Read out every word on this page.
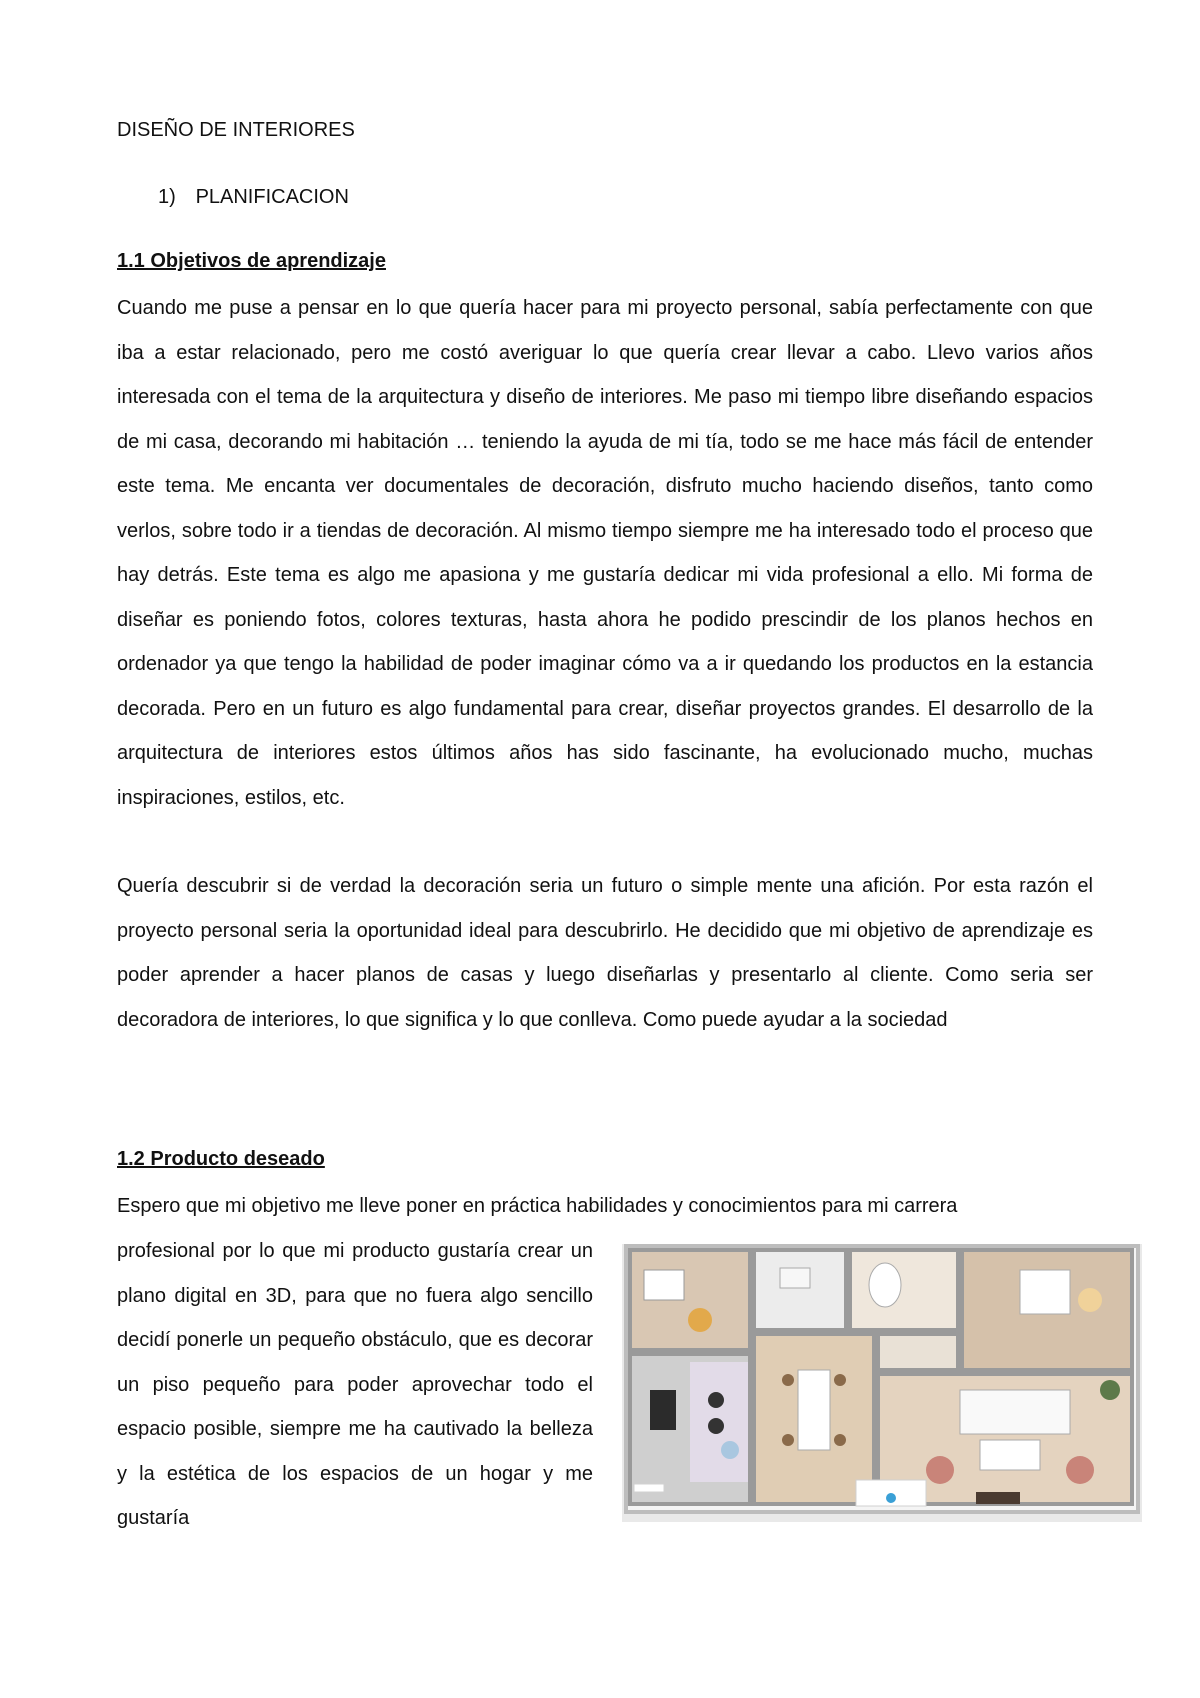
DISEÑO DE INTERIORES
1) PLANIFICACION
1.1 Objetivos de aprendizaje

Cuando me puse a pensar en lo que quería hacer para mi proyecto personal, sabía perfectamente con que iba a estar relacionado, pero me costó averiguar lo que quería crear llevar a cabo. Llevo varios años interesada con el tema de la arquitectura y diseño de interiores. Me paso mi tiempo libre diseñando espacios de mi casa, decorando mi habitación … teniendo la ayuda de mi tía, todo se me hace más fácil de entender este tema. Me encanta ver documentales de decoración, disfruto mucho haciendo diseños, tanto como verlos, sobre todo ir a tiendas de decoración. Al mismo tiempo siempre me ha interesado todo el proceso que hay detrás. Este tema es algo me apasiona y me gustaría dedicar mi vida profesional a ello. Mi forma de diseñar es poniendo fotos, colores texturas, hasta ahora he podido prescindir de los planos hechos en ordenador ya que tengo la habilidad de poder imaginar cómo va a ir quedando los productos en la estancia decorada. Pero en un futuro es algo fundamental para crear, diseñar proyectos grandes. El desarrollo de la arquitectura de interiores estos últimos años has sido fascinante, ha evolucionado mucho, muchas inspiraciones, estilos, etc.

Quería descubrir si de verdad la decoración seria un futuro o simple mente una afición. Por esta razón el proyecto personal seria la oportunidad ideal para descubrirlo. He decidido que mi objetivo de aprendizaje es poder aprender a hacer planos de casas y luego diseñarlas y presentarlo al cliente. Como seria ser decoradora de interiores, lo que significa y lo que conlleva. Como puede ayudar a la sociedad

1.2 Producto deseado

Espero que mi objetivo me lleve poner en práctica habilidades y conocimientos para mi carrera

profesional por lo que mi producto gustaría crear un plano digital en 3D, para que no fuera algo sencillo decidí ponerle un pequeño obstáculo, que es decorar un piso pequeño para poder aprovechar todo el espacio posible, siempre me ha cautivado la belleza y la estética de los espacios de un hogar y me gustaría
